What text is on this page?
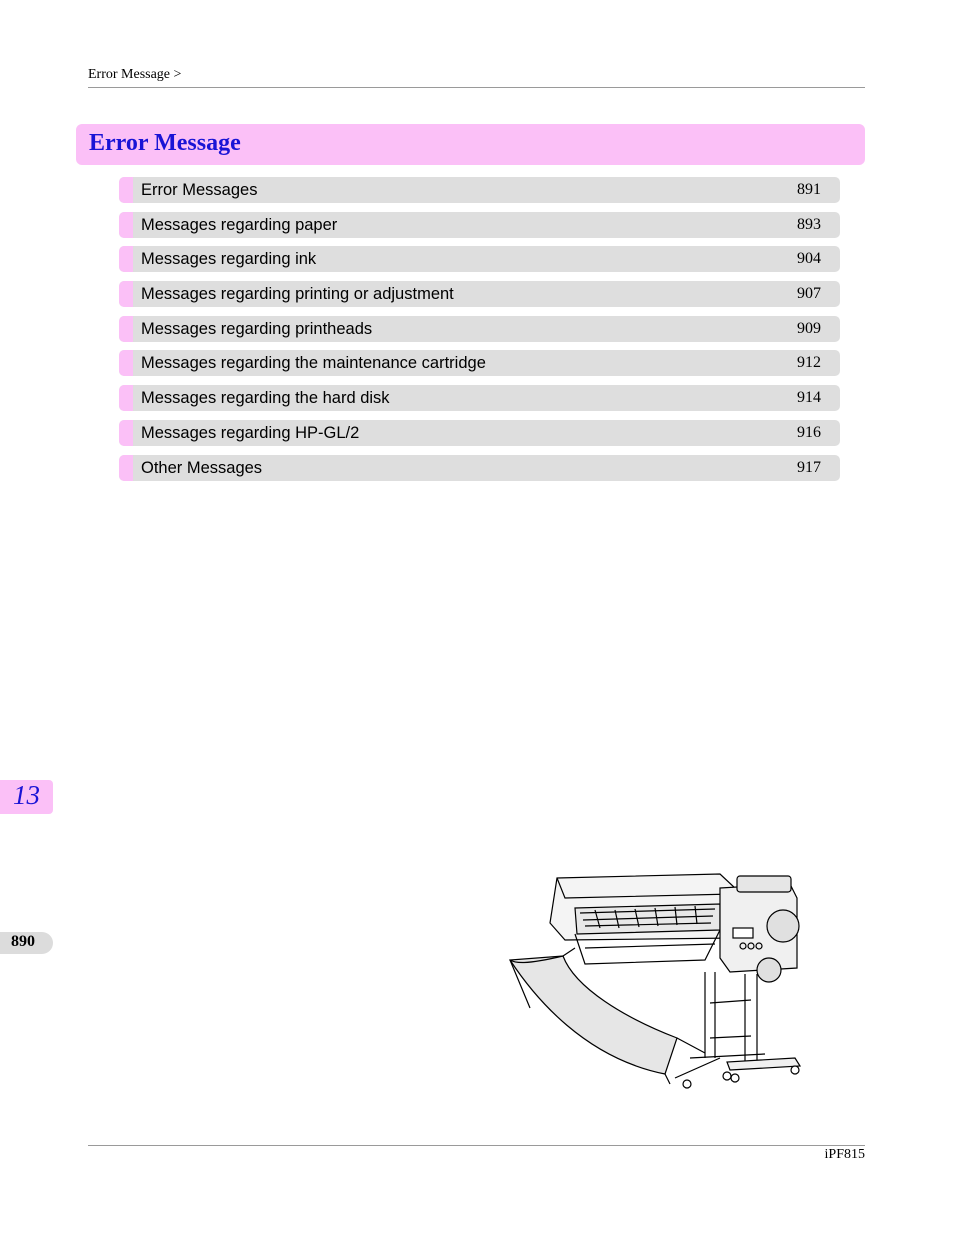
Error Message >
Error Message
Error Messages	891
Messages regarding paper	893
Messages regarding ink	904
Messages regarding printing or adjustment	907
Messages regarding printheads	909
Messages regarding the maintenance cartridge	912
Messages regarding the hard disk	914
Messages regarding HP-GL/2	916
Other Messages	917
13
890
iPF815
